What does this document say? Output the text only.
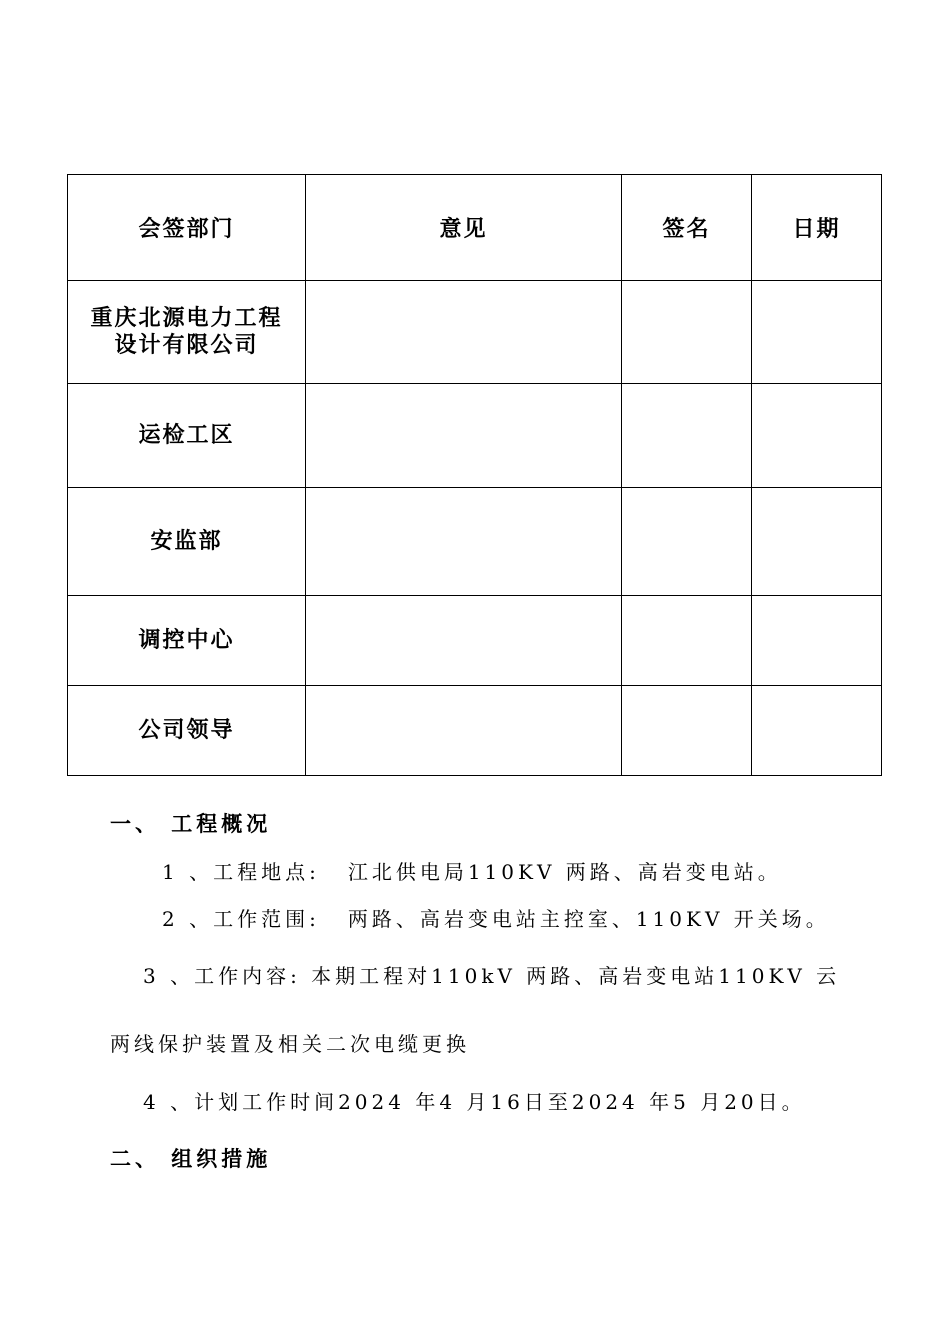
会签部门	意见	签名	日期

重庆北源电力工程
设计有限公司			

运检工区			

安监部			

调控中心			

公司领导			

一、 工程概况
1 、工程地点: 江北供电局110KV 两路、高岩变电站。
2 、工作范围: 两路、高岩变电站主控室、110KV 开关场。
3 、工作内容: 本期工程对110kV 两路、高岩变电站110KV 云
两线保护装置及相关二次电缆更换
4 、计划工作时间2024 年4 月16日至2024 年5 月20日。
二、 组织措施
